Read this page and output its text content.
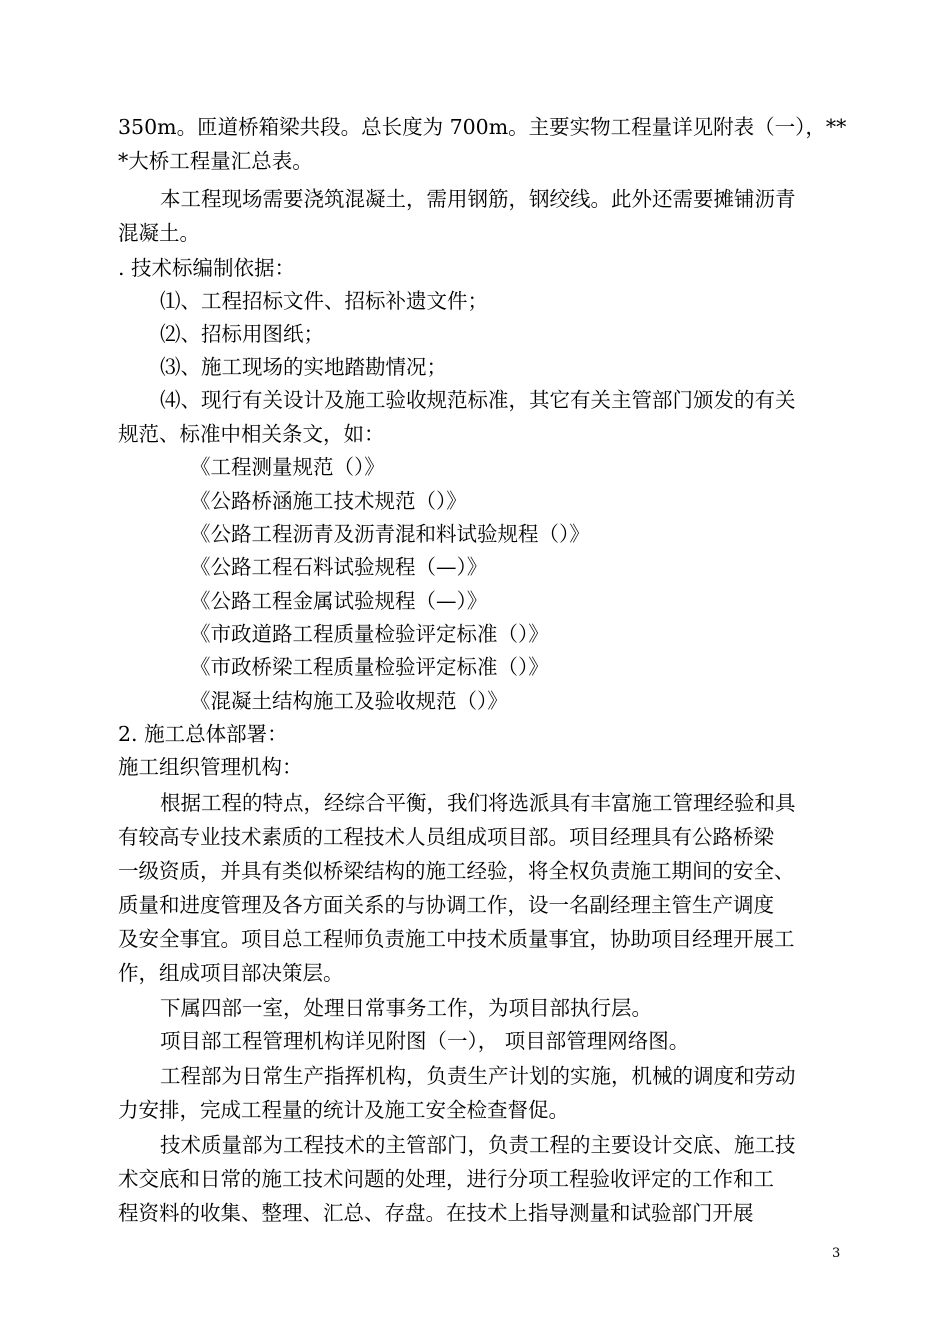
350m。匝道桥箱梁共段。总长度为 700m。主要实物工程量详见附表（一），**
*大桥工程量汇总表。
本工程现场需要浇筑混凝土，需用钢筋，钢绞线。此外还需要摊铺沥青
混凝土。
. 技术标编制依据：
⑴、工程招标文件、招标补遗文件；
⑵、招标用图纸；
⑶、施工现场的实地踏勘情况；
⑷、现行有关设计及施工验收规范标准，其它有关主管部门颁发的有关
规范、标准中相关条文，如：
《工程测量规范（）》
《公路桥涵施工技术规范（）》
《公路工程沥青及沥青混和料试验规程（）》
《公路工程石料试验规程（—）》
《公路工程金属试验规程（—）》
《市政道路工程质量检验评定标准（）》
《市政桥梁工程质量检验评定标准（）》
《混凝土结构施工及验收规范（）》
2. 施工总体部署：
施工组织管理机构：
根据工程的特点，经综合平衡，我们将选派具有丰富施工管理经验和具
有较高专业技术素质的工程技术人员组成项目部。项目经理具有公路桥梁
一级资质，并具有类似桥梁结构的施工经验，将全权负责施工期间的安全、
质量和进度管理及各方面关系的与协调工作，设一名副经理主管生产调度
及安全事宜。项目总工程师负责施工中技术质量事宜，协助项目经理开展工
作，组成项目部决策层。
下属四部一室，处理日常事务工作，为项目部执行层。
项目部工程管理机构详见附图（一）， 项目部管理网络图。
工程部为日常生产指挥机构，负责生产计划的实施，机械的调度和劳动
力安排，完成工程量的统计及施工安全检查督促。
技术质量部为工程技术的主管部门，负责工程的主要设计交底、施工技
术交底和日常的施工技术问题的处理，进行分项工程验收评定的工作和工
程资料的收集、整理、汇总、存盘。在技术上指导测量和试验部门开展
3
